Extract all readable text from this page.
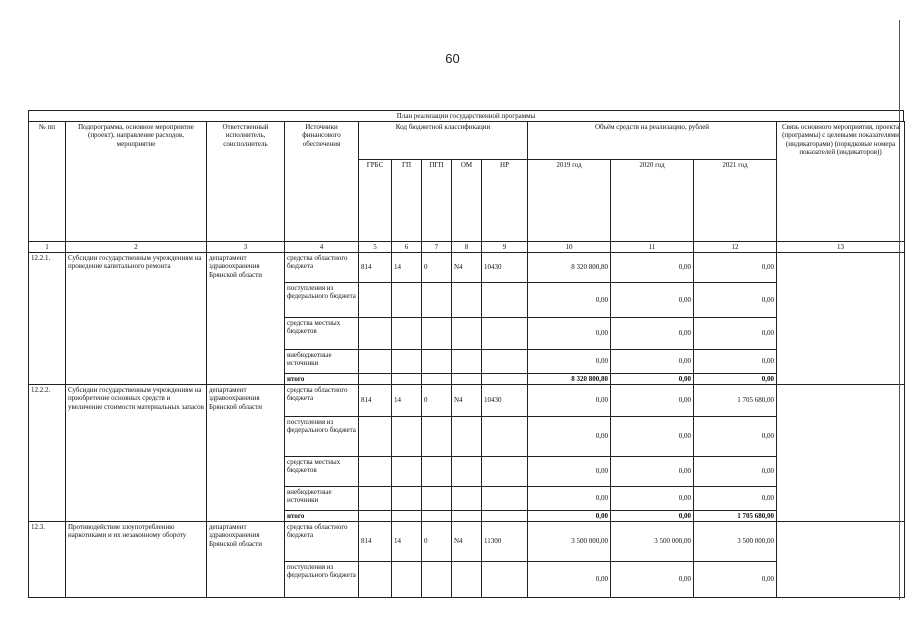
60
План реализации государственной программы
№ пп	Подпрограмма, основное мероприятие (проект), направление расходов, мероприятие	Ответственный исполнитель, соисполнитель	Источники финансового обеспечения	Код бюджетной классификации					Объём средств на реализацию, рублей			Связь основного мероприятия, проекта (программы) с целевыми показателями (индикаторами) (порядковые номера показателей (индикаторов))
				ГРБС	ГП	ПГП	ОМ	НР	2019 год	2020 год	2021 год	
1	2	3	4	5	6	7	8	9	10	11	12	13
12.2.1.	Субсидии государственным учреждениям на проведение капитального ремонта	департамент здравоохранения Брянской области	средства областного бюджета	814	14	0	N4	10430	8 320 800,80	0,00	0,00	
			поступления из федерального бюджета						0,00	0,00	0,00	
			средства местных бюджетов						0,00	0,00	0,00	
			внебюджетные источники						0,00	0,00	0,00	
			итого						8 320 800,80	0,00	0,00	
12.2.2.	Субсидии государственным учреждениям на приобретение основных средств и увеличение стоимости материальных запасов	департамент здравоохранения Брянской области	средства областного бюджета	814	14	0	N4	10430	0,00	0,00	1 705 680,00	
			поступления из федерального бюджета						0,00	0,00	0,00	
			средства местных бюджетов						0,00	0,00	0,00	
			внебюджетные источники						0,00	0,00	0,00	
			итого						0,00	0,00	1 705 680,00	
12.3.	Противодействие злоупотреблению наркотиками и их незаконному обороту	департамент здравоохранения Брянской области	средства областного бюджета	814	14	0	N4	11300	3 500 000,00	3 500 000,00	3 500 000,00	
			поступления из федерального бюджета						0,00	0,00	0,00	
